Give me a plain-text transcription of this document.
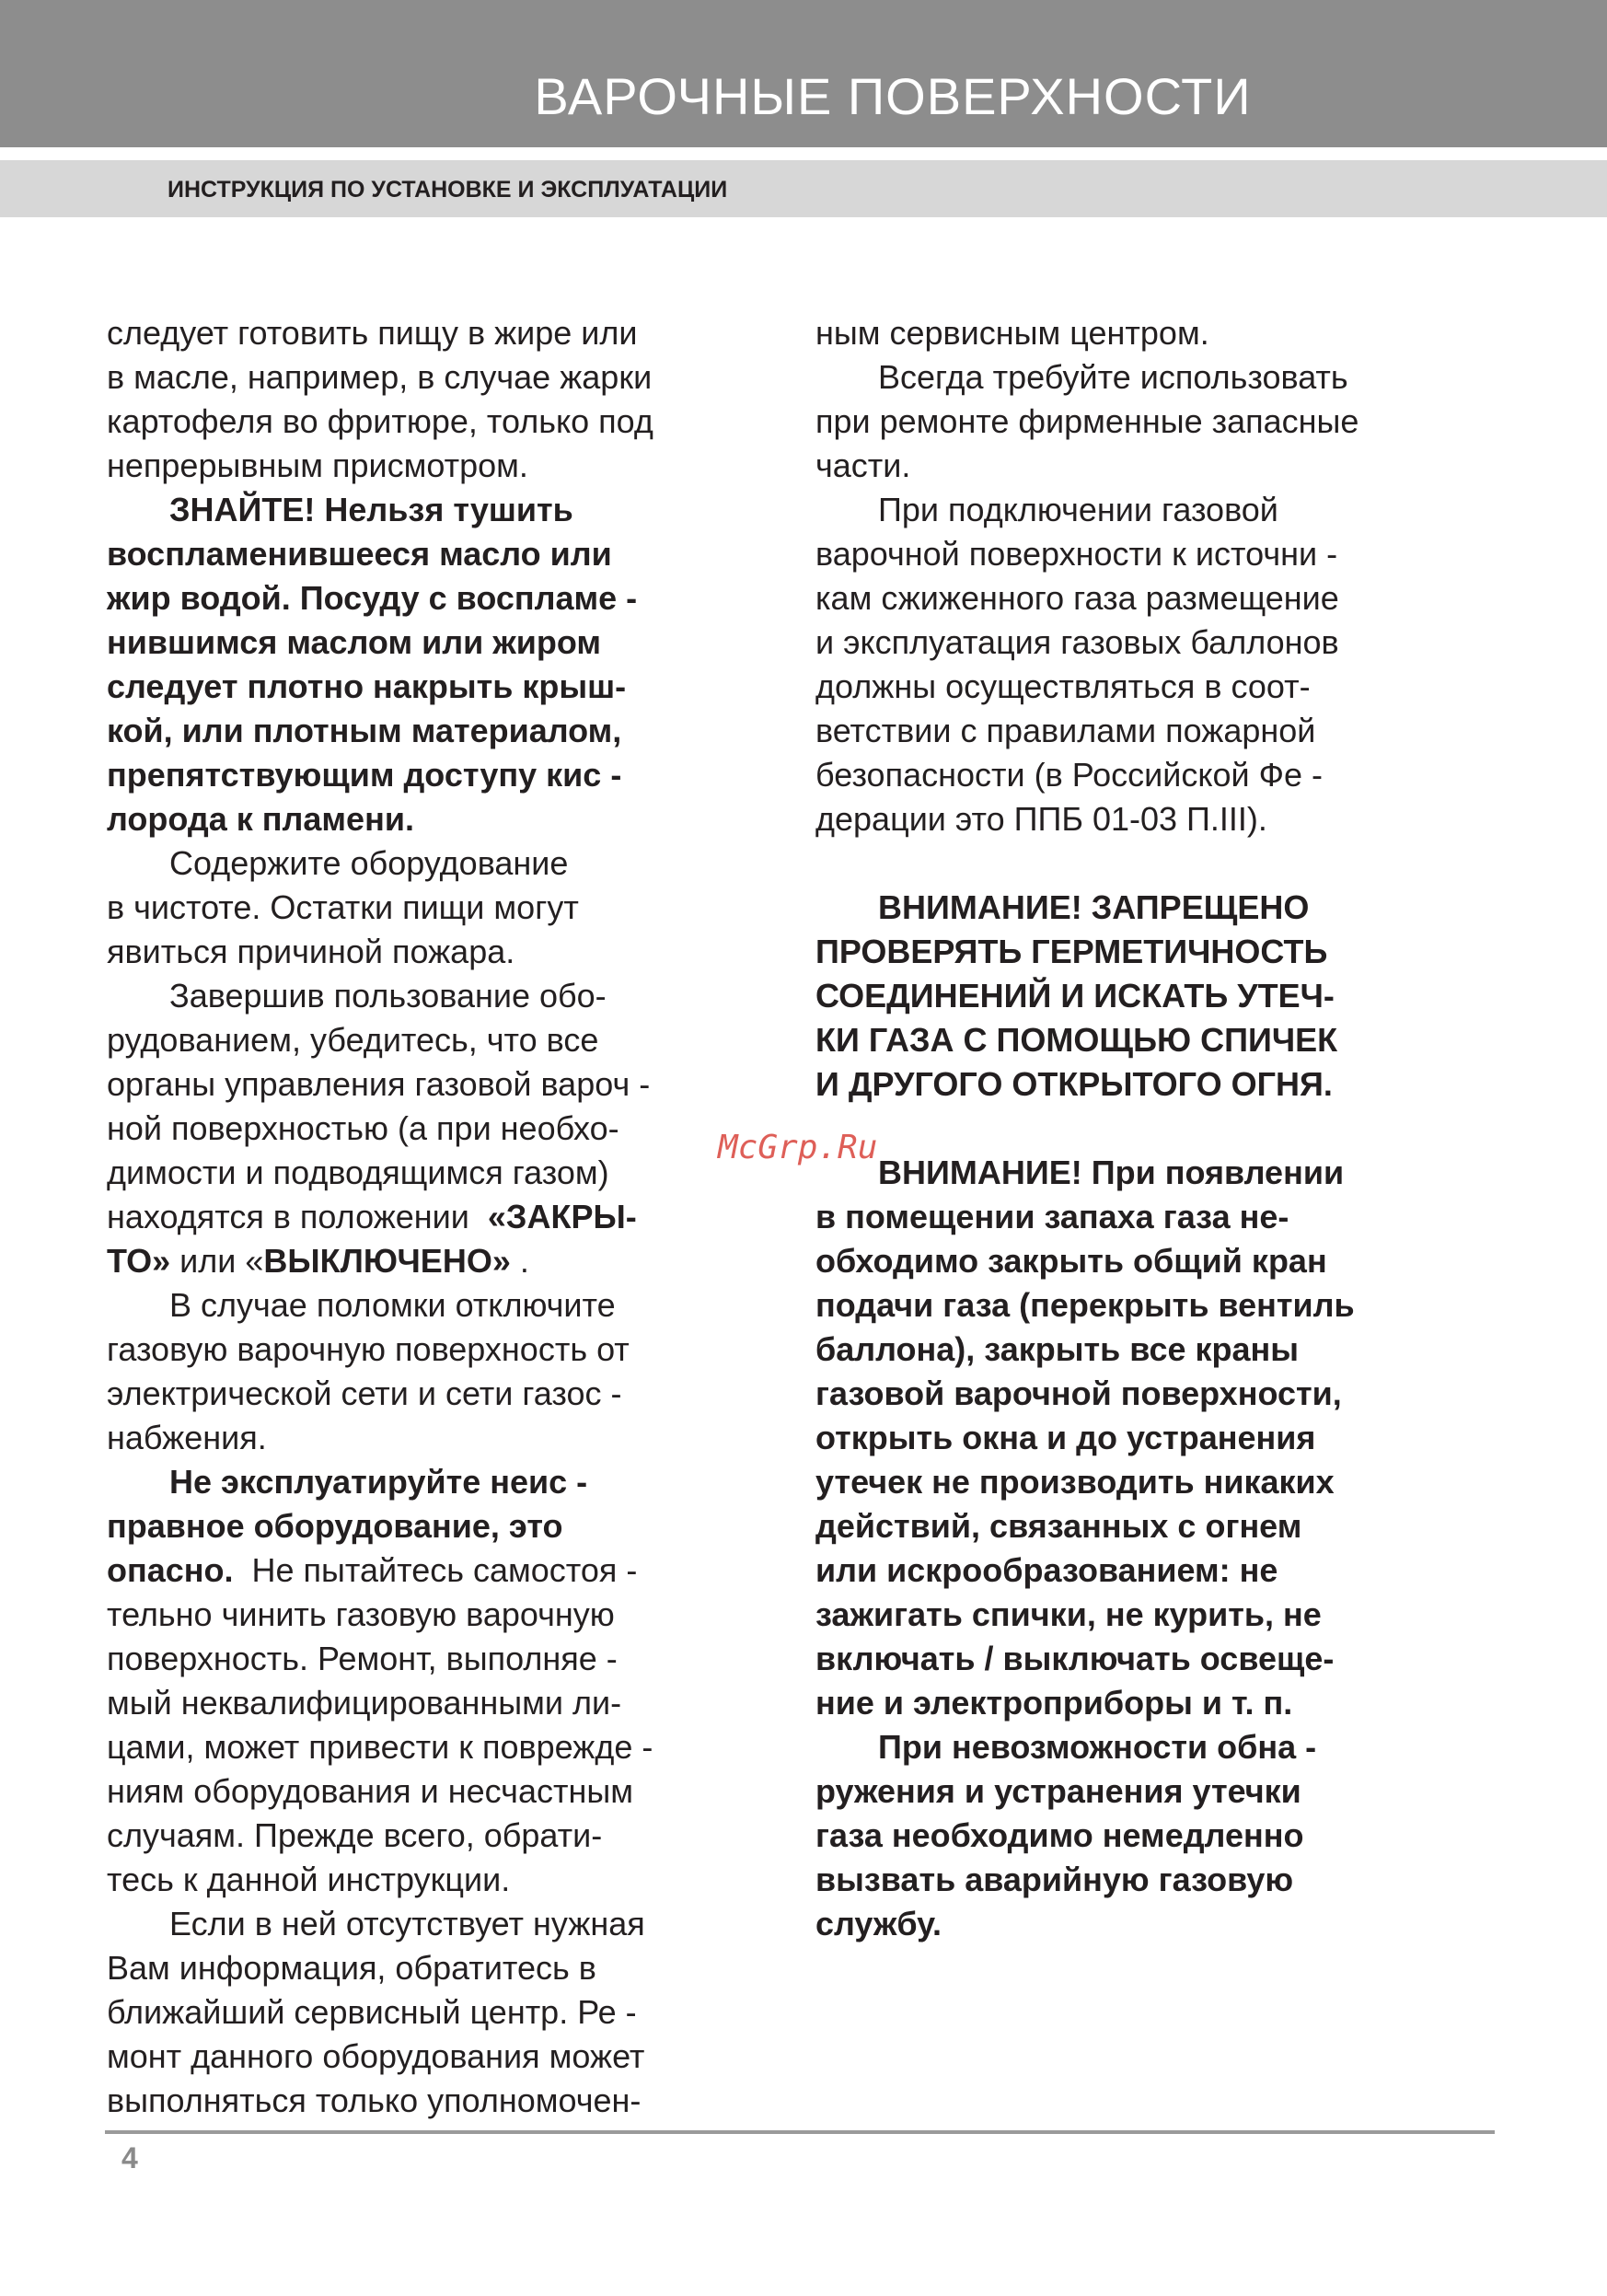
ВАРОЧНЫЕ ПОВЕРХНОСТИ
ИНСТРУКЦИЯ ПО УСТАНОВКЕ И ЭКСПЛУАТАЦИИ
следует готовить пищу в жире или
в масле, например, в случае жарки
картофеля во фритюре, только под
непрерывным присмотром.
ЗНАЙТЕ! Нельзя тушить
воспламенившееся масло или
жир водой. Посуду с воспламе -
нившимся маслом или жиром
следует плотно накрыть крыш-
кой, или плотным материалом,
препятствующим доступу кис -
лорода к пламени.
Содержите оборудование
в чистоте. Остатки пищи могут
явиться причиной пожара.
Завершив пользование обо-
рудованием, убедитесь, что все
органы управления газовой вароч -
ной поверхностью (а при необхо-
димости и подводящимся газом)
находятся в положении «ЗАКРЫ-
ТО» или «ВЫКЛЮЧЕНО» .
В случае поломки отключите
газовую варочную поверхность от
электрической сети и сети газос -
набжения.
Не эксплуатируйте неис -
правное оборудование, это
опасно. Не пытайтесь самостоя -
тельно чинить газовую варочную
поверхность. Ремонт, выполняе -
мый неквалифицированными ли-
цами, может привести к поврежде -
ниям оборудования и несчастным
случаям. Прежде всего, обрати-
тесь к данной инструкции.
Если в ней отсутствует нужная
Вам информация, обратитесь в
ближайший сервисный центр. Ре -
монт данного оборудования может
выполняться только уполномочен-
ным сервисным центром.
Всегда требуйте использовать
при ремонте фирменные запасные
части.
При подключении газовой
варочной поверхности к источни -
кам сжиженного газа размещение
и эксплуатация газовых баллонов
должны осуществляться в соот-
ветствии с правилами пожарной
безопасности (в Российской Фе -
дерации это ППБ 01-03 П.III).
ВНИМАНИЕ! ЗАПРЕЩЕНО
ПРОВЕРЯТЬ ГЕРМЕТИЧНОСТЬ
СОЕДИНЕНИЙ И ИСКАТЬ УТЕЧ-
КИ ГАЗА С ПОМОЩЬЮ СПИЧЕК
И ДРУГОГО ОТКРЫТОГО ОГНЯ.
ВНИМАНИЕ! При появлении
в помещении запаха газа не-
обходимо закрыть общий кран
подачи газа (перекрыть вентиль
баллона), закрыть все краны
газовой варочной поверхности,
открыть окна и до устранения
утечек не производить никаких
действий, связанных с огнем
или искрообразованием: не
зажигать спички, не курить, не
включать / выключать освеще-
ние и электроприборы и т. п.
При невозможности обна -
ружения и устранения утечки
газа необходимо немедленно
вызвать аварийную газовую
службу.
McGrp.Ru
4
